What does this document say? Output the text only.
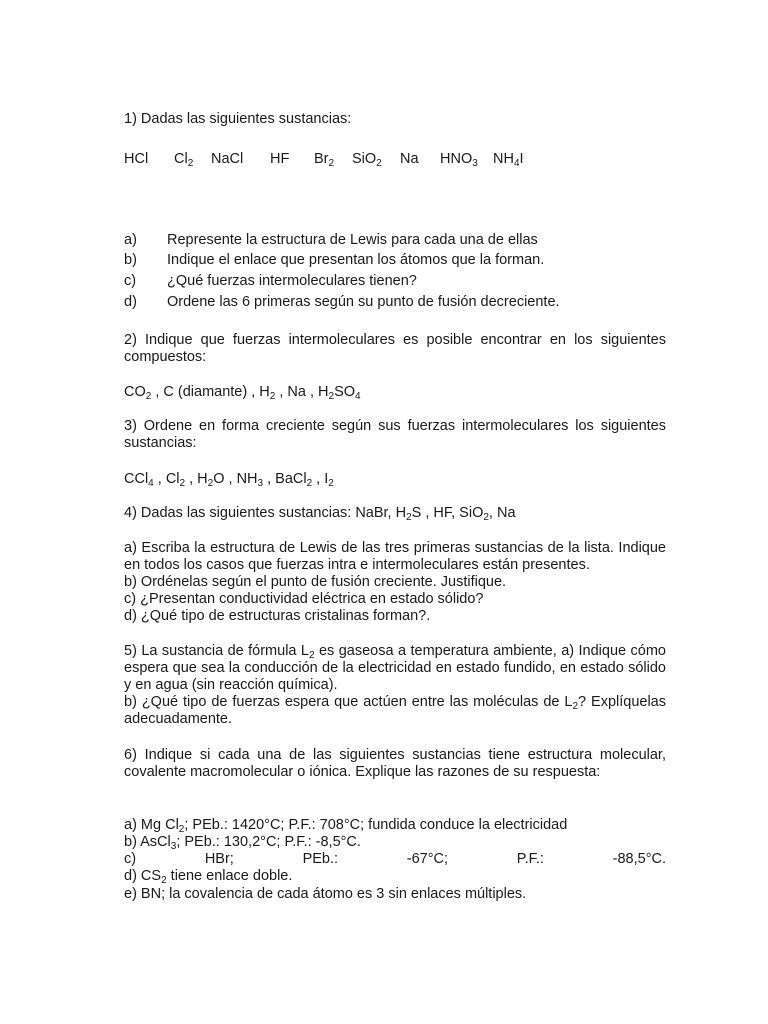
1) Dadas las siguientes sustancias:
HCl $Cl_2$ NaCl HF $Br_2$ SiO$_2$ Na $HNO_3$ $NH_4I$
a) Represente la estructura de Lewis para cada una de ellas
b) Indique el enlace que presentan los átomos que la forman.
c) ¿Qué fuerzas intermoleculares tienen?
d) Ordene las 6 primeras según su punto de fusión decreciente.

2) Indique que fuerzas intermoleculares es posible encontrar en los siguientes compuestos:

$CO_2$ , C (diamante) , $H_2$ , Na , $H_2SO_4$

3) Ordene en forma creciente según sus fuerzas intermoleculares los siguientes sustancias:

CCl$_4$ , $Cl_2$ , $H_2O$ , $NH_3$ , BaCl$_2$ , $I_2$
4) Dadas las siguientes sustancias: NaBr, $H_2S$ , HF, SiO$_2$, Na

a) Escriba la estructura de Lewis de las tres primeras sustancias de la lista. Indique en todos los casos que fuerzas intra e intermoleculares están presentes.

b) Ordénelas según el punto de fusión creciente. Justifique.
c) ¿Presentan conductividad eléctrica en estado sólido?
d) ¿Qué tipo de estructuras cristalinas forman?.

5) La sustancia de fórmula $L_2$ es gaseosa a temperatura ambiente, a) Indique cómo espera que sea la conducción de la electricidad en estado fundido, en estado sólido y en agua (sin reacción química).

b) ¿Qué tipo de fuerzas espera que actúen entre las moléculas de $L_2$? Explíquelas adecuadamente.

6) Indique si cada una de las siguientes sustancias tiene estructura molecular, covalente macromolecular o iónica. Explique las razones de su respuesta:

a) Mg $Cl_2$; PEb.: 1420°C; P.F.: 708°C; fundida conduce la electricidad
b) AsCl$_3$; PEb.: 130,2°C; P.F.: -8,5°C.
c)	HBr;	PEb.:	-67°C;	P.F.:	-88,5°C.
d) $CS_2$ tiene enlace doble.
e) BN; la covalencia de cada átomo es 3 sin enlaces múltiples.
